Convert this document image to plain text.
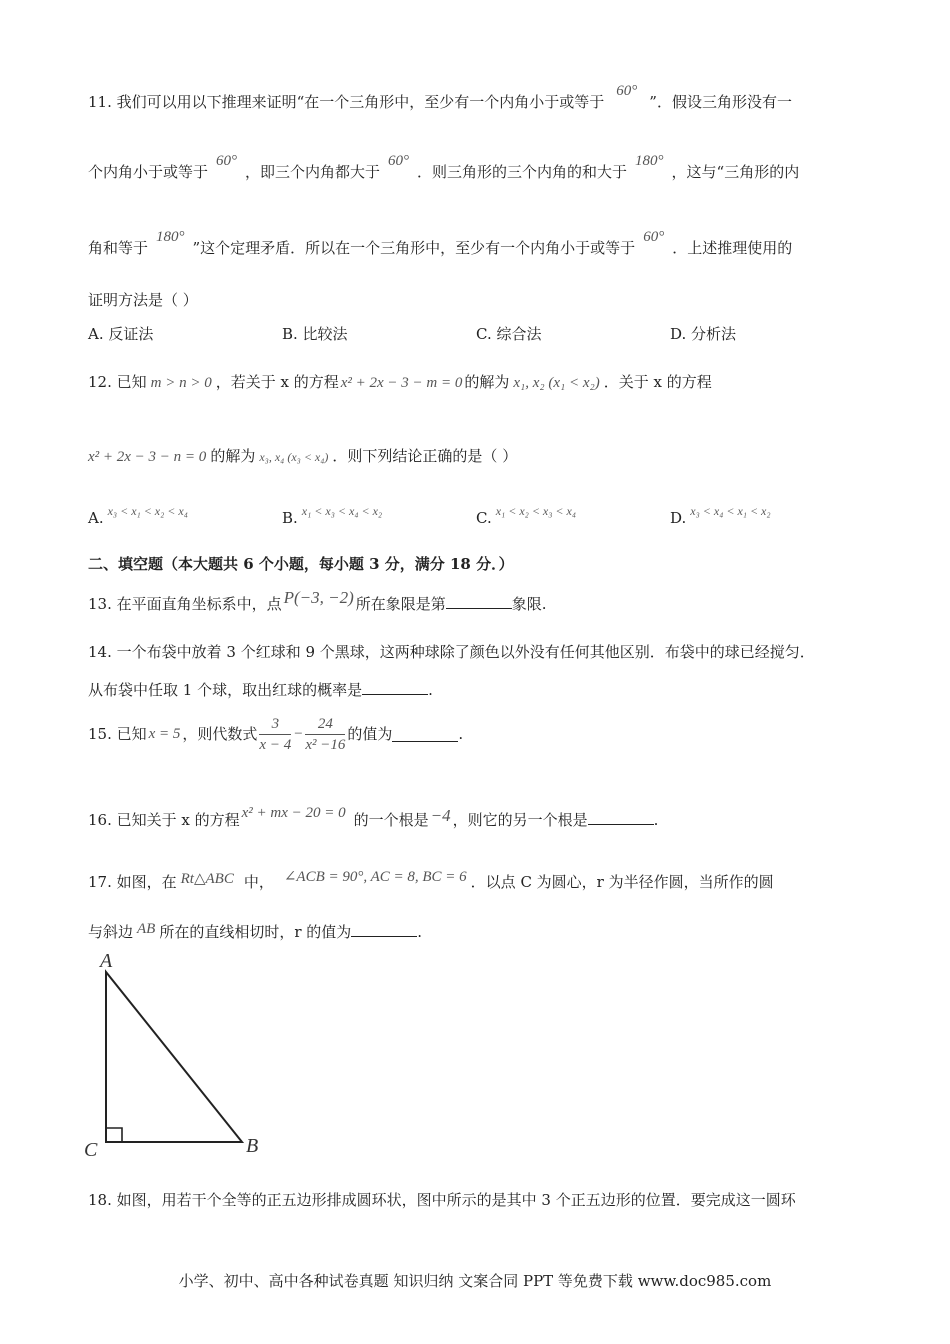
11. 我们可以用以下推理来证明“在一个三角形中，至少有一个内角小于或等于60°”．假设三角形没有一
个内角小于或等于60°，即三个内角都大于60°．则三角形的三个内角的和大于180°，这与“三角形的内
角和等于180°”这个定理矛盾．所以在一个三角形中，至少有一个内角小于或等于60°．上述推理使用的
证明方法是（ ）
A. 反证法	B. 比较法	C. 综合法	D. 分析法
12. 已知 m > n > 0 ，若关于 x 的方程 x² + 2x − 3 − m = 0 的解为 x₁, x₂ (x₁ < x₂) ．关于 x 的方程
x² + 2x − 3 − n = 0 的解为 x₃, x₄ (x₃ < x₄) ．则下列结论正确的是（ ）
A. x₃ < x₁ < x₂ < x₄	B. x₁ < x₃ < x₄ < x₂	C. x₁ < x₂ < x₃ < x₄	D. x₃ < x₄ < x₁ < x₂
二、填空题（本大题共 6 个小题，每小题 3 分，满分 18 分．）
13. 在平面直角坐标系中，点 P(−3, −2) 所在象限是第	象限.
14. 一个布袋中放着 3 个红球和 9 个黑球，这两种球除了颜色以外没有任何其他区别．布袋中的球已经搅匀．
从布袋中任取 1 个球，取出红球的概率是	.
15. 已知 x = 5 ，则代数式 $\frac{3}{x - 4} - \frac{24}{\text{x² −16}}$ 的值为	.
16. 已知关于 x 的方程 x² + mx − 20 = 0 的一个根是 −4 ，则它的另一个根是	.
17. 如图，在 Rt△ABC 中， ∠ACB = 90°, AC = 8, BC = 6 ．以点 C 为圆心，r 为半径作圆，当所作的圆
与斜边 AB 所在的直线相切时，r 的值为	.
A
C	B
18. 如图，用若干个全等的正五边形排成圆环状，图中所示的是其中 3 个正五边形的位置．要完成这一圆环
小学、初中、高中各种试卷真题 知识归纳 文案合同 PPT 等免费下载 www.doc985.com
